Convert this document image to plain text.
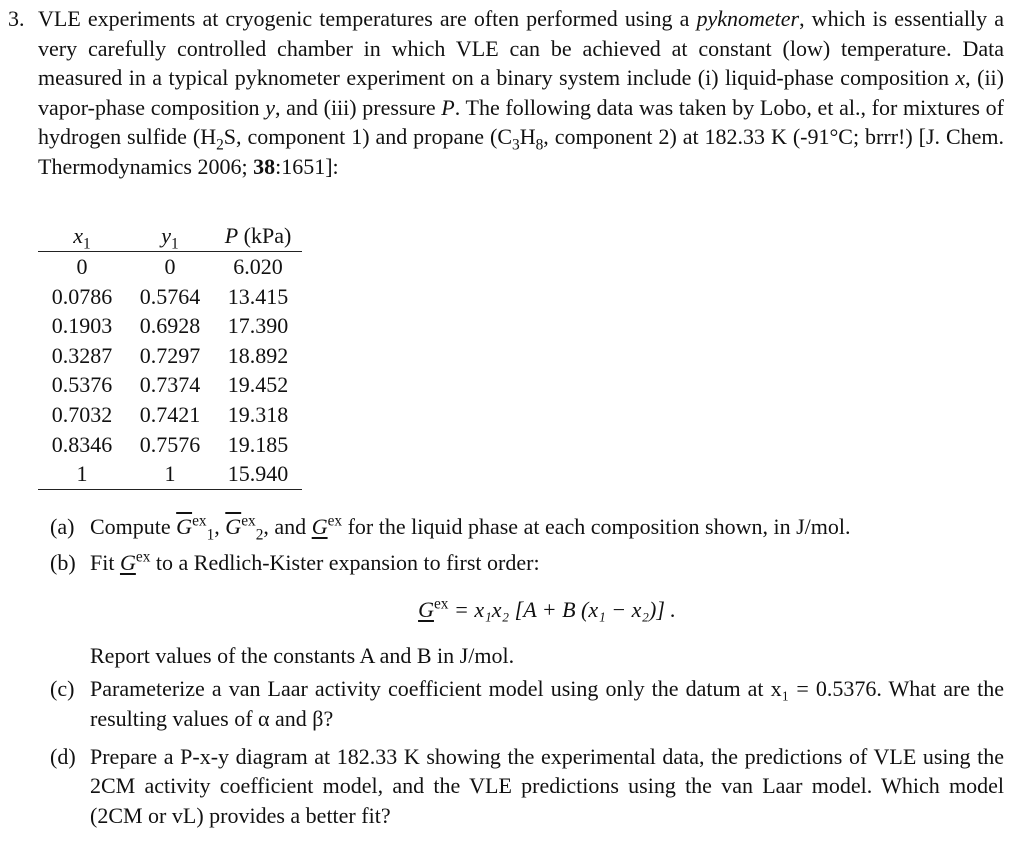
3. VLE experiments at cryogenic temperatures are often performed using a pyknometer, which is essentially a very carefully controlled chamber in which VLE can be achieved at constant (low) temperature. Data measured in a typical pyknometer experiment on a binary system include (i) liquid-phase composition x, (ii) vapor-phase composition y, and (iii) pressure P. The following data was taken by Lobo, et al., for mixtures of hydrogen sulfide ($H_2S$, component 1) and propane ($C_3H_8$, component 2) at 182.33 K (-91°C; brrr!) [J. Chem. Thermodynamics 2006; 38:1651]:
$x_1$	$y_1$	P (kPa)
0	0	6.020
0.0786	0.5764	13.415
0.1903	0.6928	17.390
0.3287	0.7297	18.892
0.5376	0.7374	19.452
0.7032	0.7421	19.318
0.8346	0.7576	19.185
1	1	15.940
(a) Compute $\overline{G}^{ex}_1$, $\overline{G}^{ex}_2$, and $G^{ex}$ for the liquid phase at each composition shown, in J/mol.
(b) Fit $G^{ex}$ to a Redlich-Kister expansion to first order:
$G^{ex} = x_1x_2$ [A + B (x₁ − x₂)] .
Report values of the constants A and B in J/mol.
(c) Parameterize a van Laar activity coefficient model using only the datum at x₁ = 0.5376. What are the resulting values of α and β?
(d) Prepare a P-x-y diagram at 182.33 K showing the experimental data, the predictions of VLE using the 2CM activity coefficient model, and the VLE predictions using the van Laar model. Which model (2CM or vL) provides a better fit?
